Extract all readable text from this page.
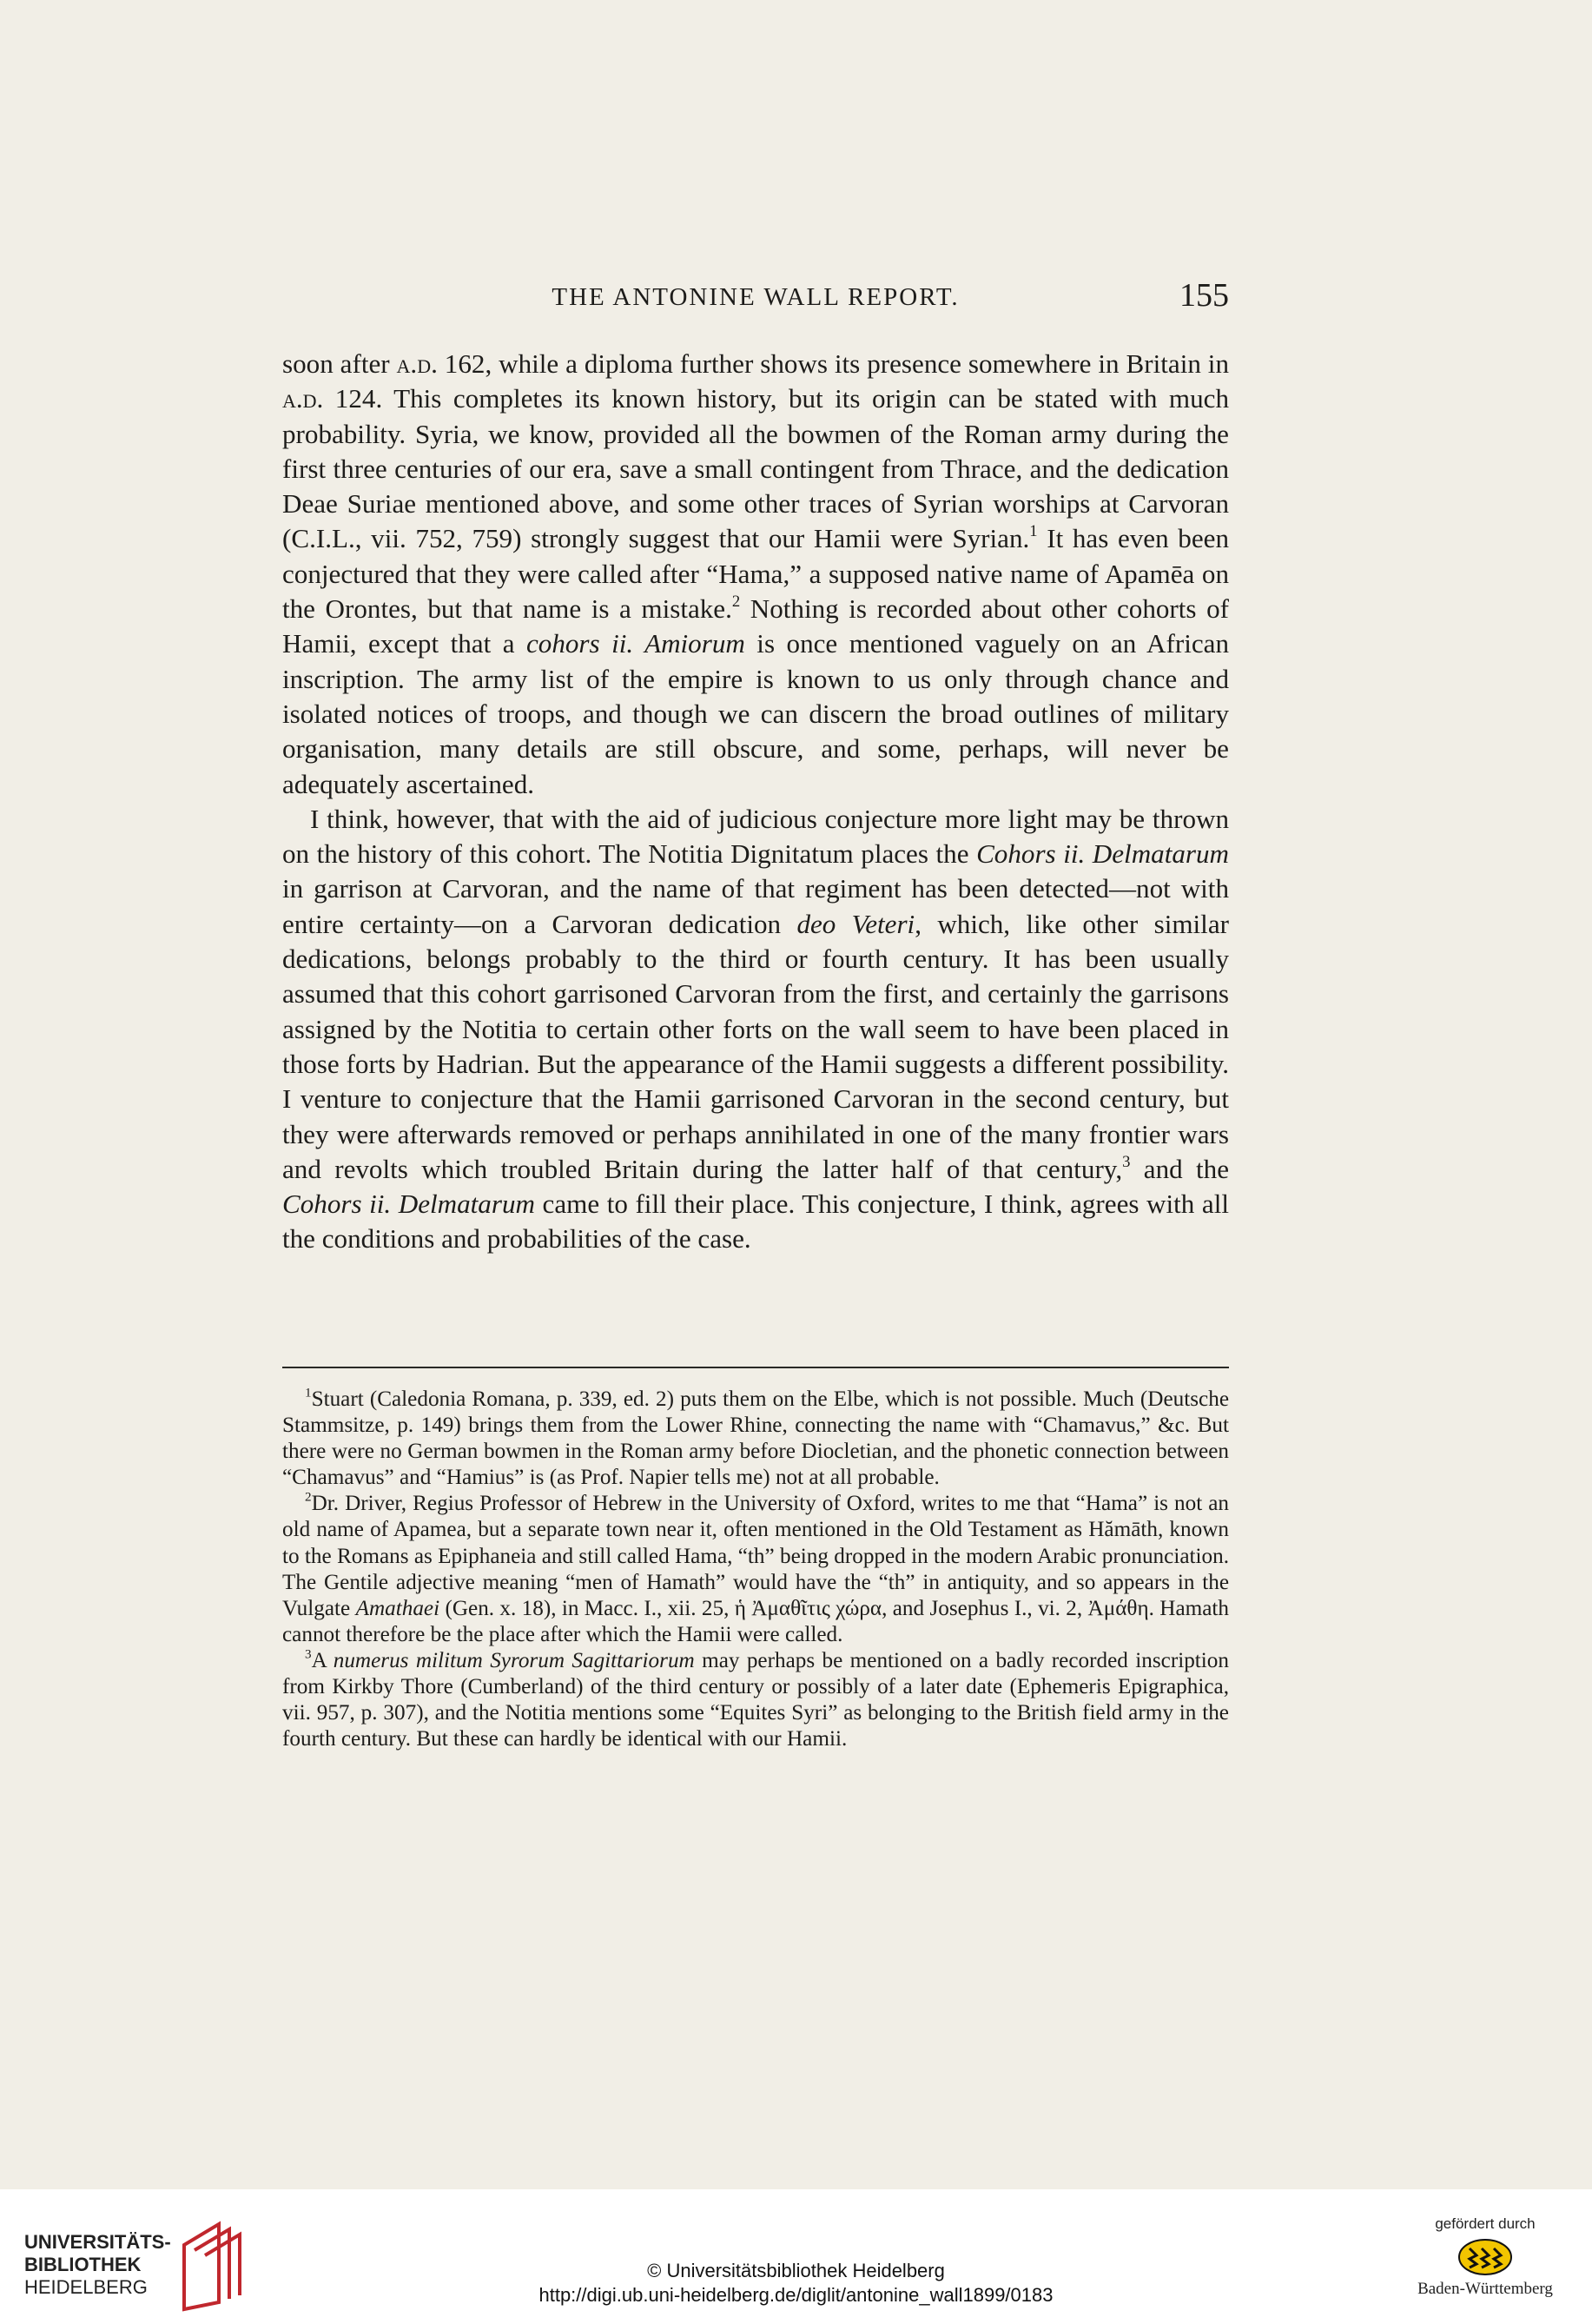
THE ANTONINE WALL REPORT.	155

soon after a.d. 162, while a diploma further shows its presence somewhere in Britain in a.d. 124. This completes its known history, but its origin can be stated with much probability. Syria, we know, provided all the bowmen of the Roman army during the first three centuries of our era, save a small contingent from Thrace, and the dedication Deae Suriae mentioned above, and some other traces of Syrian worships at Carvoran (C.I.L., vii. 752, 759) strongly suggest that our Hamii were Syrian.$^1$ It has even been conjectured that they were called after “Hama,” a supposed native name of Apamēa on the Orontes, but that name is a mistake.$^2$ Nothing is recorded about other cohorts of Hamii, except that a cohors ii. Amiorum is once mentioned vaguely on an African inscription. The army list of the empire is known to us only through chance and isolated notices of troops, and though we can discern the broad outlines of military organisation, many details are still obscure, and some, perhaps, will never be adequately ascertained.

I think, however, that with the aid of judicious conjecture more light may be thrown on the history of this cohort. The Notitia Dignitatum places the Cohors ii. Delmatarum in garrison at Carvoran, and the name of that regiment has been detected—not with entire certainty—on a Carvoran dedication deo Veteri, which, like other similar dedications, belongs probably to the third or fourth century. It has been usually assumed that this cohort garrisoned Carvoran from the first, and certainly the garrisons assigned by the Notitia to certain other forts on the wall seem to have been placed in those forts by Hadrian. But the appearance of the Hamii suggests a different possibility. I venture to conjecture that the Hamii garrisoned Carvoran in the second century, but they were afterwards removed or perhaps annihilated in one of the many frontier wars and revolts which troubled Britain during the latter half of that century,$^3$ and the Cohors ii. Delmatarum came to fill their place. This conjecture, I think, agrees with all the conditions and probabilities of the case.

$^1$Stuart (Caledonia Romana, p. 339, ed. 2) puts them on the Elbe, which is not possible. Much (Deutsche Stammsitze, p. 149) brings them from the Lower Rhine, connecting the name with “Chamavus,” &c. But there were no German bowmen in the Roman army before Diocletian, and the phonetic connection between “Chamavus” and “Hamius” is (as Prof. Napier tells me) not at all probable.

$^2$Dr. Driver, Regius Professor of Hebrew in the University of Oxford, writes to me that “Hama” is not an old name of Apamea, but a separate town near it, often mentioned in the Old Testament as Hămāth, known to the Romans as Epiphaneia and still called Hama, “th” being dropped in the modern Arabic pronunciation. The Gentile adjective meaning “men of Hamath” would have the “th” in antiquity, and so appears in the Vulgate Amathaei (Gen. x. 18), in Macc. I., xii. 25, ἡ Ἀμαθῖτις χώρα, and Josephus I., vi. 2, Ἀμάθη. Hamath cannot therefore be the place after which the Hamii were called.

$^3$A numerus militum Syrorum Sagittariorum may perhaps be mentioned on a badly recorded inscription from Kirkby Thore (Cumberland) of the third century or possibly of a later date (Ephemeris Epigraphica, vii. 957, p. 307), and the Notitia mentions some “Equites Syri” as belonging to the British field army in the fourth century. But these can hardly be identical with our Hamii.

UNIVERSITÄTS-
BIBLIOTHEK
HEIDELBERG
© Universitätsbibliothek Heidelberg
http://digi.ub.uni-heidelberg.de/diglit/antonine_wall1899/0183
gefördert durch
Baden-Württemberg
